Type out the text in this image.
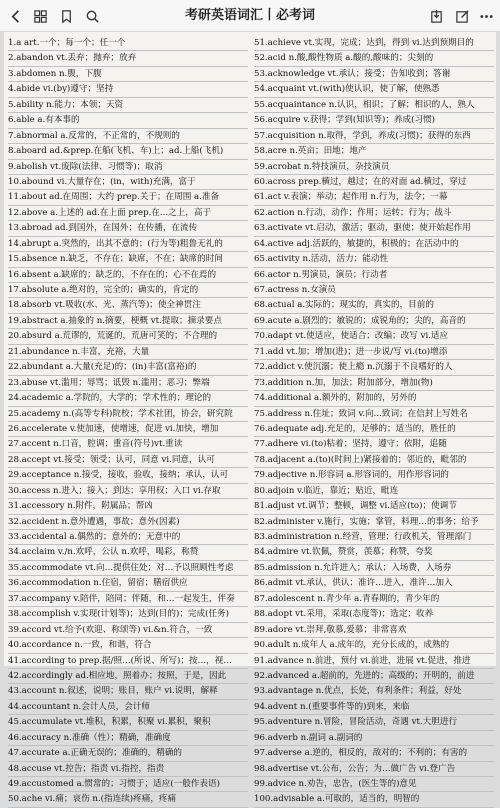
考研英语词汇丨必考词
1.a art.一个；每一个；任一个
2.abandon vt.丢弃；抛弃；放弃
3.abdomen n.腹，下腹
4.abide vi.(by)遵守；坚持
5.ability n.能力；本领；天资
6.able a.有本事的
7.abnormal a.反常的，不正常的，不规则的
8.aboard ad.&prep.在船(飞机、车)上；ad.上船(飞机)
9.abolish vt.废除(法律、习惯等)；取消
10.abound vi.大量存在；(in，with)充满，富于
11.about ad.在周围；大约 prep.关于；在周围 a.准备
12.above a.上述的 ad.在上面 prep.在...之上，高于
13.abroad ad.到国外，在国外；在传播，在流传
14.abrupt a.突然的，出其不意的；(行为等)粗鲁无礼的
15.absence n.缺乏，不存在；缺席，不在；缺席的时间
16.absent a.缺席的；缺乏的，不存在的；心不在焉的
17.absolute a.绝对的，完全的；确实的，肯定的
18.absorb vt.吸收(水、光、蒸汽等)；使全神贯注
19.abstract a.抽象的 n.摘要，梗概 vt.提取；摘录要点
20.absurd a.荒谬的，荒诞的，荒唐可笑的；不合理的
21.abundance n.丰富，充裕，大量
22.abundant a.大量(充足)的；(in)丰富(富裕)的
23.abuse vt.滥用；辱骂；诋毁 n.滥用；恶习；弊端
24.academic a.学院的，大学的；学术性的；理论的
25.academy n.(高等专科)院校；学术社团，协会，研究院
26.accelerate v.使加速，使增速，促进 vi.加快，增加
27.accent n.口音，腔调；重音(符号)vt.重读
28.accept vt.接受；领受；认可，同意 vi.同意，认可
29.acceptance n.接受，接收，验收，接纳；承认，认可
30.access n.进入；接入；到达；享用权；入口 vi.存取
31.accessory n.附件，附属品；帮凶
32.accident n.意外遭遇，事故；意外(因素)
33.accidental a.偶然的；意外的；无意中的
34.acclaim v./n.欢呼，公认 n.欢呼，喝彩，称赞
35.accommodate vt.向…提供住处；对…予以照顾性考虑
36.accommodation n.住宿，留宿；膳宿供应
37.accompany v.陪伴，陪同；伴随，和…一起发生，伴奏
38.accomplish v.实现(计划等)；达到(目的)；完成(任务)
39.accord vt.给予(欢迎、称颂等) vi.&n.符合，一致
40.accordance n.一致，和谐，符合
41.according to prep.据/照…(所说、所写)；按…，视…
42.accordingly ad.相应地，照着办；按照，于是，因此
43.account n.叙述，说明；账目，账户 vi.说明，解释
44.accountant n.会计人员，会计师
45.accumulate vt.堆积，积累，积聚 vi.累积，聚积
46.accuracy n.准确（性）；精确，准确度
47.accurate a.正确无误的；准确的，精确的
48.accuse vt.控告；指责 vi.指控，指责
49.accustomed a.惯常的；习惯于；适应(一般作表语)
50.ache vi.痛；哀伤 n.(指连续)疼痛，疼痛
51.achieve vt.实现，完成；达到，得到 vi.达到预期目的
52.acid n.酸,酸性物质 a.酸的,酸味的；尖刻的
53.acknowledge vt.承认；接受；告知收到；答谢
54.acquaint vt.(with)使认识，使了解，使熟悉
55.acquaintance n.认识，相识；了解；相识的人，熟人
56.acquire v.获得；学到(知识等)；养成(习惯)
57.acquisition n.取得，学到，养成(习惯)；获得的东西
58.acre n.英亩；田地；地产
59.acrobat n.特技演员，杂技演员
60.across prep.横过，越过；在的对面 ad.横过，穿过
61.act v.表演；举动；起作用 n.行为，法令；一幕
62.action n.行动，动作；作用；运转；行为；战斗
63.activate vt.启动，激活；驱动，驱使；使开始起作用
64.active adj.活跃的，敏捷的，积极的；在活动中的
65.activity n.活动，活力；能动性
66.actor n.男演员，演员；行动者
67.actress n.女演员
68.actual a.实际的；现实的，真实的，目前的
69.acute a.剧烈的；敏锐的；成锐角的；尖的，高音的
70.adapt vt.使适应，使适合；改编；改写 vi.适应
71.add vt.加；增加(进)；进一步说/写 vi.(to)增添
72.addict v.使沉溺；使上瘾 n.沉溺于不良嗜好的人
73.addition n.加，加法；附加部分，增加(物)
74.additional a.额外的，附加的，另外的
75.address n.住址；致词 v.向...致词；在信封上写姓名
76.adequate adj.充足的，足够的；适当的，胜任的
77.adhere vi.(to)粘着；坚持，遵守；依附，追随
78.adjacent a.(to)(时间上)紧接着的；邻近的，毗邻的
79.adjective n.形容词 a.形容词的，用作形容词的
80.adjoin v.临近，靠近；贴近，毗连
81.adjust vt.调节；整顿，调整 vi.适应(to)；使调节
82.administer v.施行，实施；掌管，料理…的事务；给予
83.administration n.经营，管理；行政机关，管理部门
84.admire vt.钦佩，赞赏，羡慕；称赞，夸奖
85.admission n.允许进入；承认；入场费，入场券
86.admit vt.承认，供认；准许…进入，准许…加入
87.adolescent n.青少年 a.青春期的，青少年的
88.adopt vt.采用，采取(态度等)；选定；收养
89.adore vt.崇拜,敬慕,爱慕；非常喜欢
90.adult n.成年人 a.成年的，充分长成的，成熟的
91.advance n.前进，预付 vi.前进，进展 vt.促进，推进
92.advanced a.超前的，先进的；高级的；开明的，前进
93.advantage n.优点，长处，有利条件；利益，好处
94.advent n.(重要事件等的)到来，来临
95.adventure n.冒险，冒险活动，奇遇 vt.大胆进行
96.adverb n.副词 a.副词的
97.adverse a.逆的，相反的，敌对的；不利的；有害的
98.advertise vt.公布，公告；为…做广告 vi.登广告
99.advice n.劝告，忠告，(医生等的)意见
100.advisable a.可取的，适当的，明智的
